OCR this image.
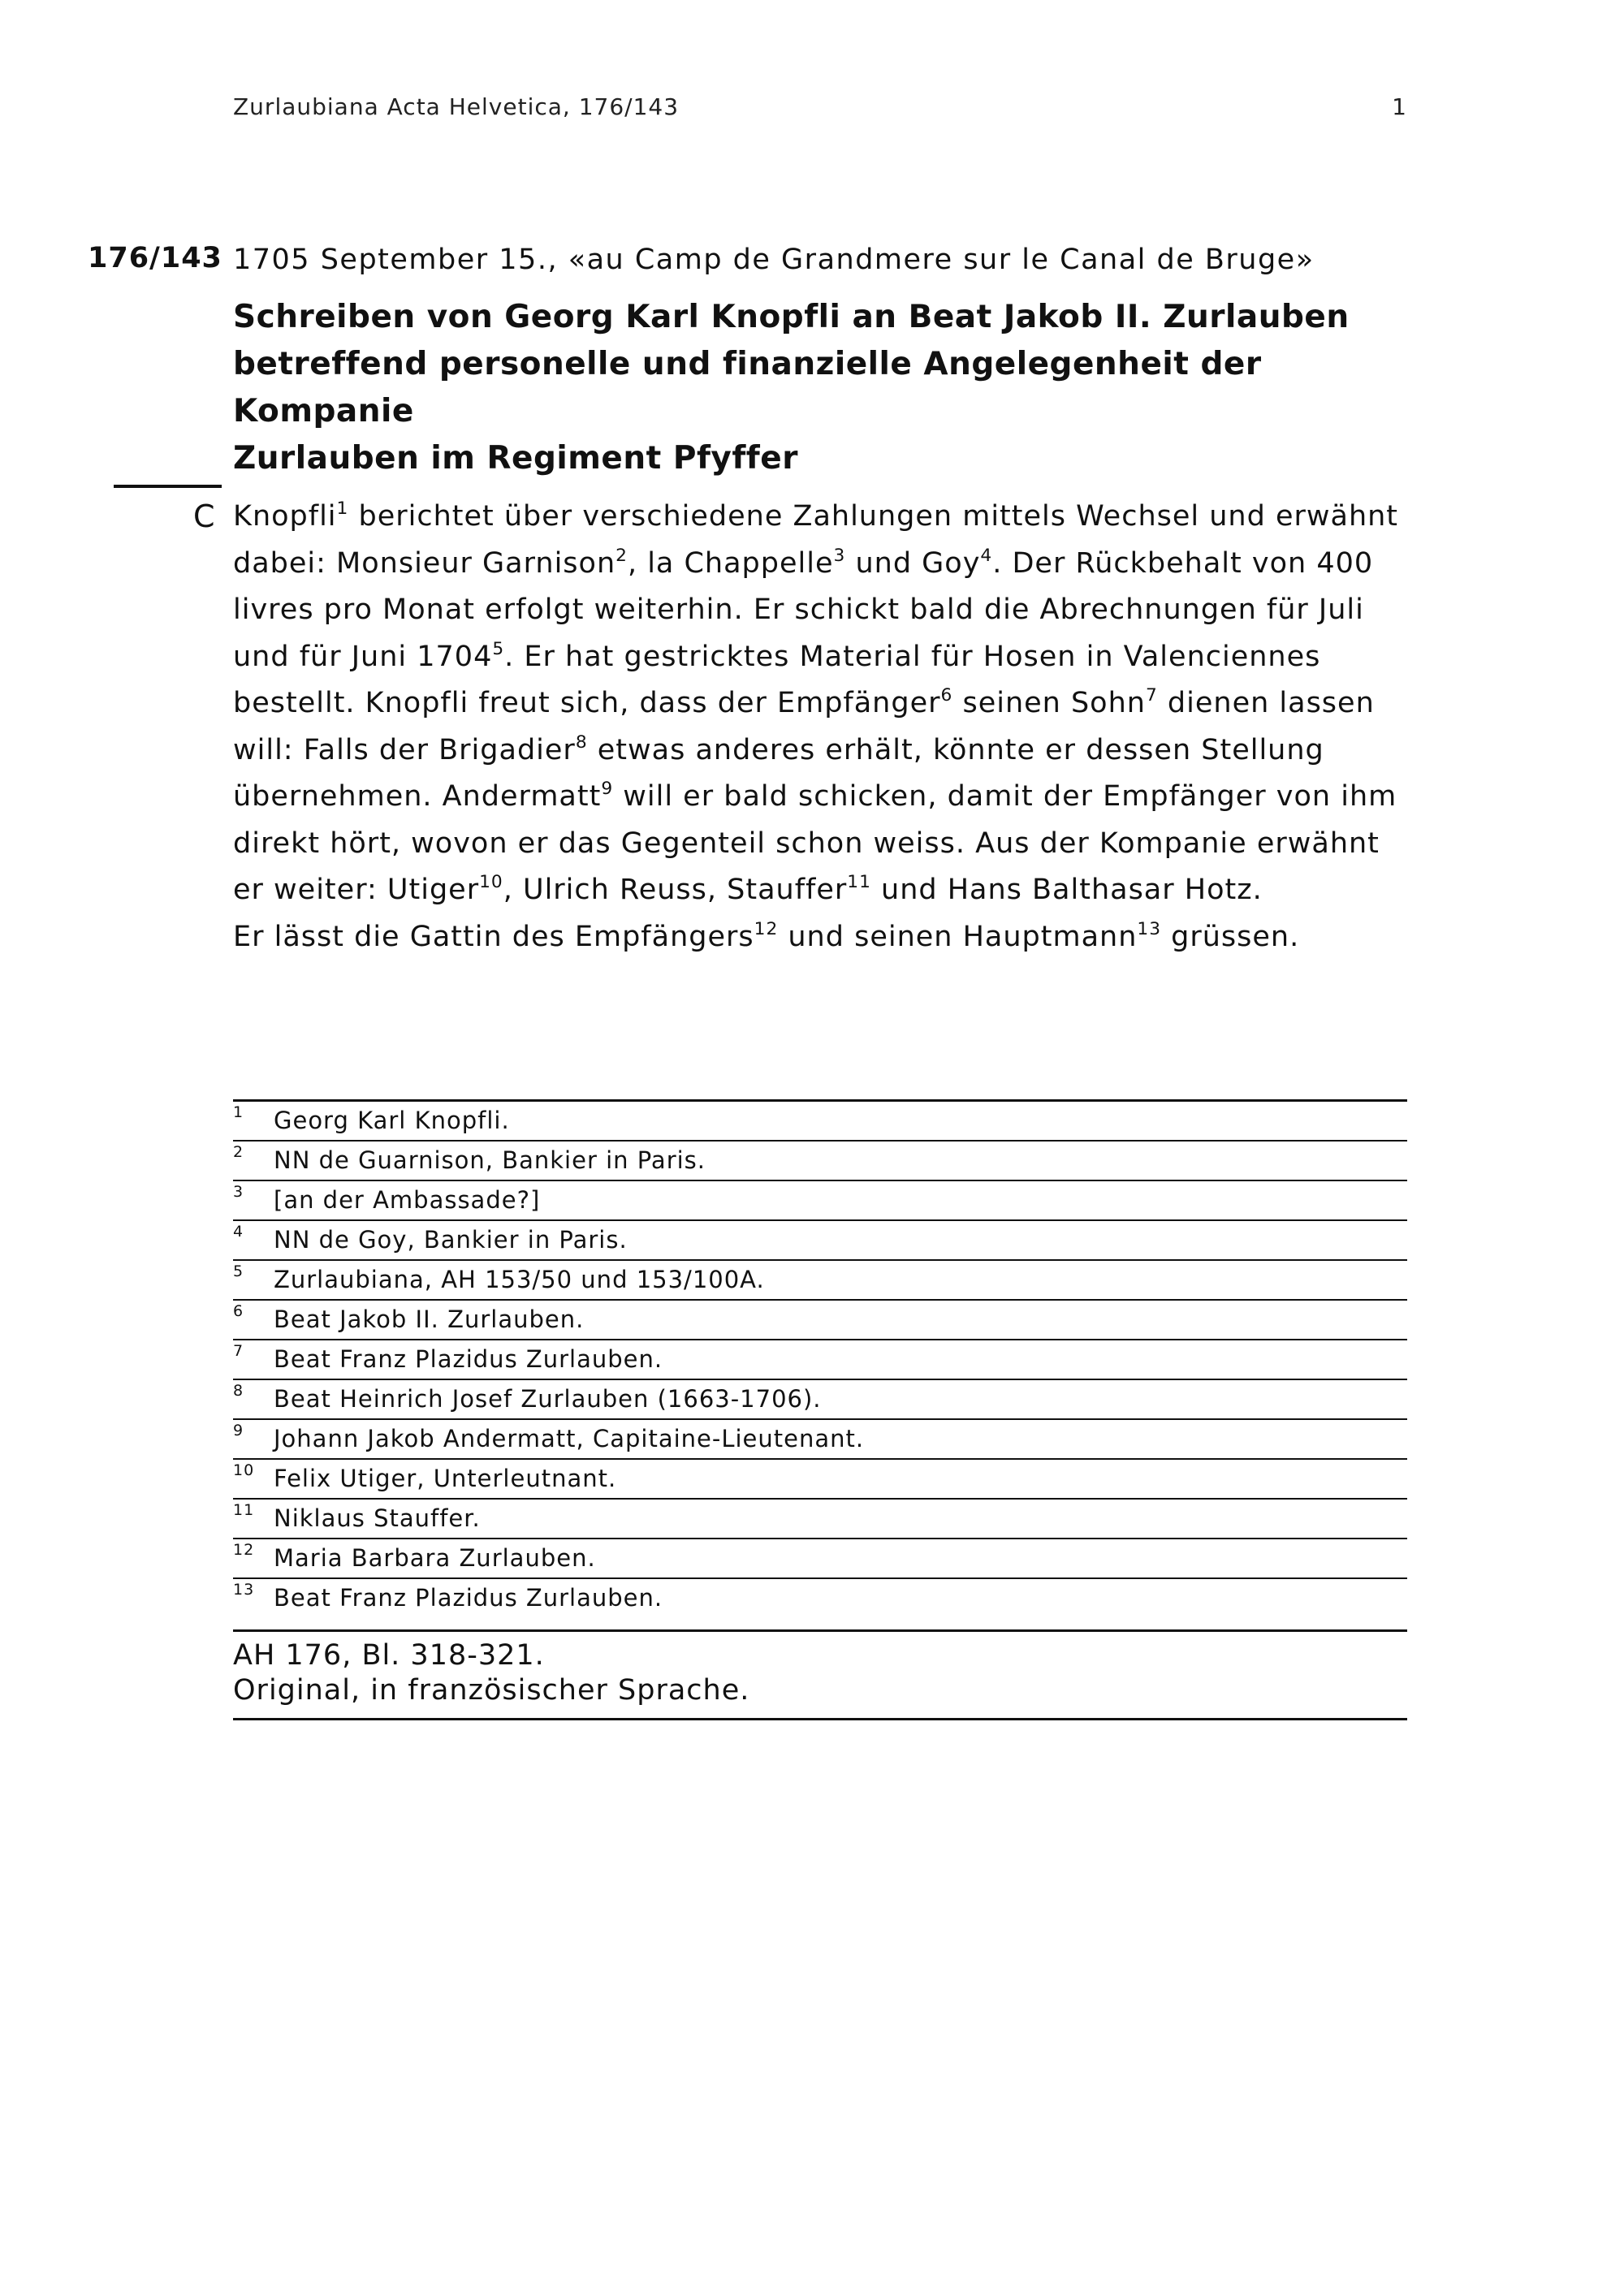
Zurlaubiana Acta Helvetica, 176/143	1
176/143 1705 September 15., «au Camp de Grandmere sur le Canal de Bruge»
Schreiben von Georg Karl Knopfli an Beat Jakob II. Zurlauben
betreffend personelle und finanzielle Angelegenheit der Kompanie
Zurlauben im Regiment Pfyffer
C Knopfli$^1$ berichtet über verschiedene Zahlungen mittels Wechsel und erwähnt dabei: Monsieur Garnison$^2$, la Chappelle$^3$ und Goy$^4$. Der Rückbehalt von 400 livres pro Monat erfolgt weiterhin. Er schickt bald die Abrechnungen für Juli und für Juni 1704$^5$. Er hat gestricktes Material für Hosen in Valenciennes bestellt. Knopfli freut sich, dass der Empfänger$^6$ seinen Sohn$^7$ dienen lassen will: Falls der Brigadier$^8$ etwas anderes erhält, könnte er dessen Stellung übernehmen. Andermatt$^9$ will er bald schicken, damit der Empfänger von ihm direkt hört, wovon er das Gegenteil schon weiss. Aus der Kompanie erwähnt er weiter: Utiger$^{10}$, Ulrich Reuss, Stauffer$^{11}$ und Hans Balthasar Hotz.
Er lässt die Gattin des Empfängers$^{12}$ und seinen Hauptmann$^{13}$ grüssen.
1 Georg Karl Knopfli.
2 NN de Guarnison, Bankier in Paris.
3 [an der Ambassade?]
4 NN de Goy, Bankier in Paris.
5 Zurlaubiana, AH 153/50 und 153/100A.
6 Beat Jakob II. Zurlauben.
7 Beat Franz Plazidus Zurlauben.
8 Beat Heinrich Josef Zurlauben (1663-1706).
9 Johann Jakob Andermatt, Capitaine-Lieutenant.
10 Felix Utiger, Unterleutnant.
11 Niklaus Stauffer.
12 Maria Barbara Zurlauben.
13 Beat Franz Plazidus Zurlauben.
AH 176, Bl. 318-321.
Original, in französischer Sprache.
